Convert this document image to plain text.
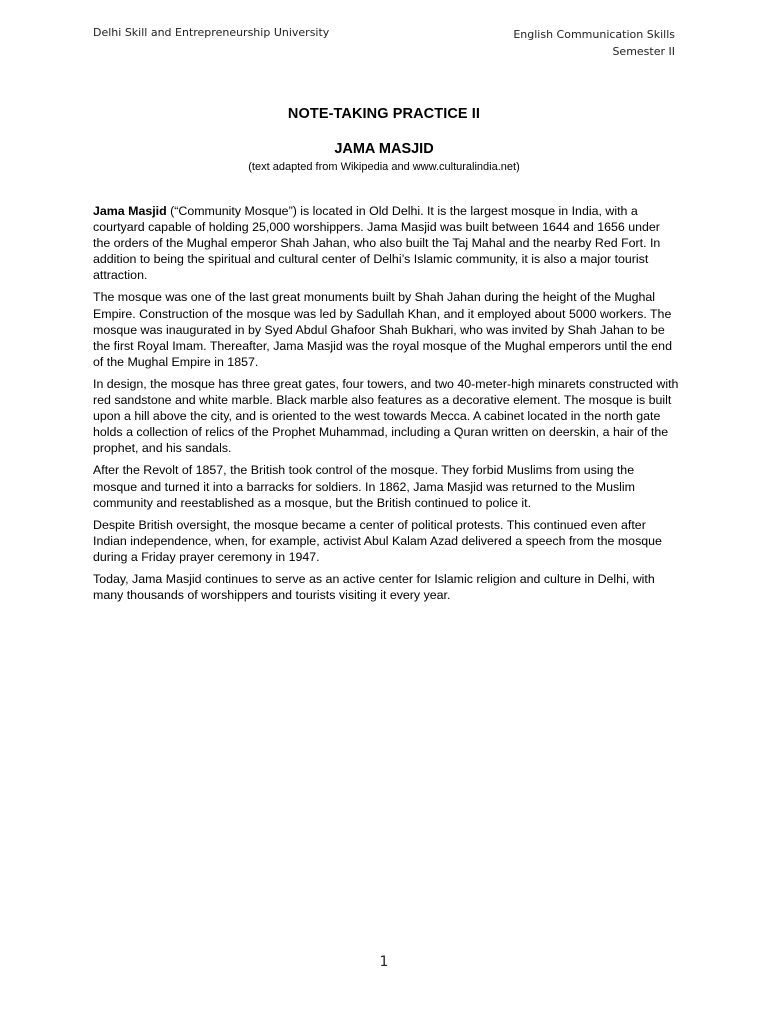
Delhi Skill and Entrepreneurship University	English Communication Skills
Semester II
NOTE-TAKING PRACTICE II
JAMA MASJID
(text adapted from Wikipedia and www.culturalindia.net)

Jama Masjid (“Community Mosque”) is located in Old Delhi. It is the largest mosque in India, with a courtyard capable of holding 25,000 worshippers. Jama Masjid was built between 1644 and 1656 under the orders of the Mughal emperor Shah Jahan, who also built the Taj Mahal and the nearby Red Fort. In addition to being the spiritual and cultural center of Delhi’s Islamic community, it is also a major tourist attraction.

The mosque was one of the last great monuments built by Shah Jahan during the height of the Mughal Empire. Construction of the mosque was led by Sadullah Khan, and it employed about 5000 workers. The mosque was inaugurated in by Syed Abdul Ghafoor Shah Bukhari, who was invited by Shah Jahan to be the first Royal Imam. Thereafter, Jama Masjid was the royal mosque of the Mughal emperors until the end of the Mughal Empire in 1857.

In design, the mosque has three great gates, four towers, and two 40-meter-high minarets constructed with red sandstone and white marble. Black marble also features as a decorative element. The mosque is built upon a hill above the city, and is oriented to the west towards Mecca. A cabinet located in the north gate holds a collection of relics of the Prophet Muhammad, including a Quran written on deerskin, a hair of the prophet, and his sandals.

After the Revolt of 1857, the British took control of the mosque. They forbid Muslims from using the mosque and turned it into a barracks for soldiers. In 1862, Jama Masjid was returned to the Muslim community and reestablished as a mosque, but the British continued to police it.

Despite British oversight, the mosque became a center of political protests. This continued even after Indian independence, when, for example, activist Abul Kalam Azad delivered a speech from the mosque during a Friday prayer ceremony in 1947.

Today, Jama Masjid continues to serve as an active center for Islamic religion and culture in Delhi, with many thousands of worshippers and tourists visiting it every year.

1
